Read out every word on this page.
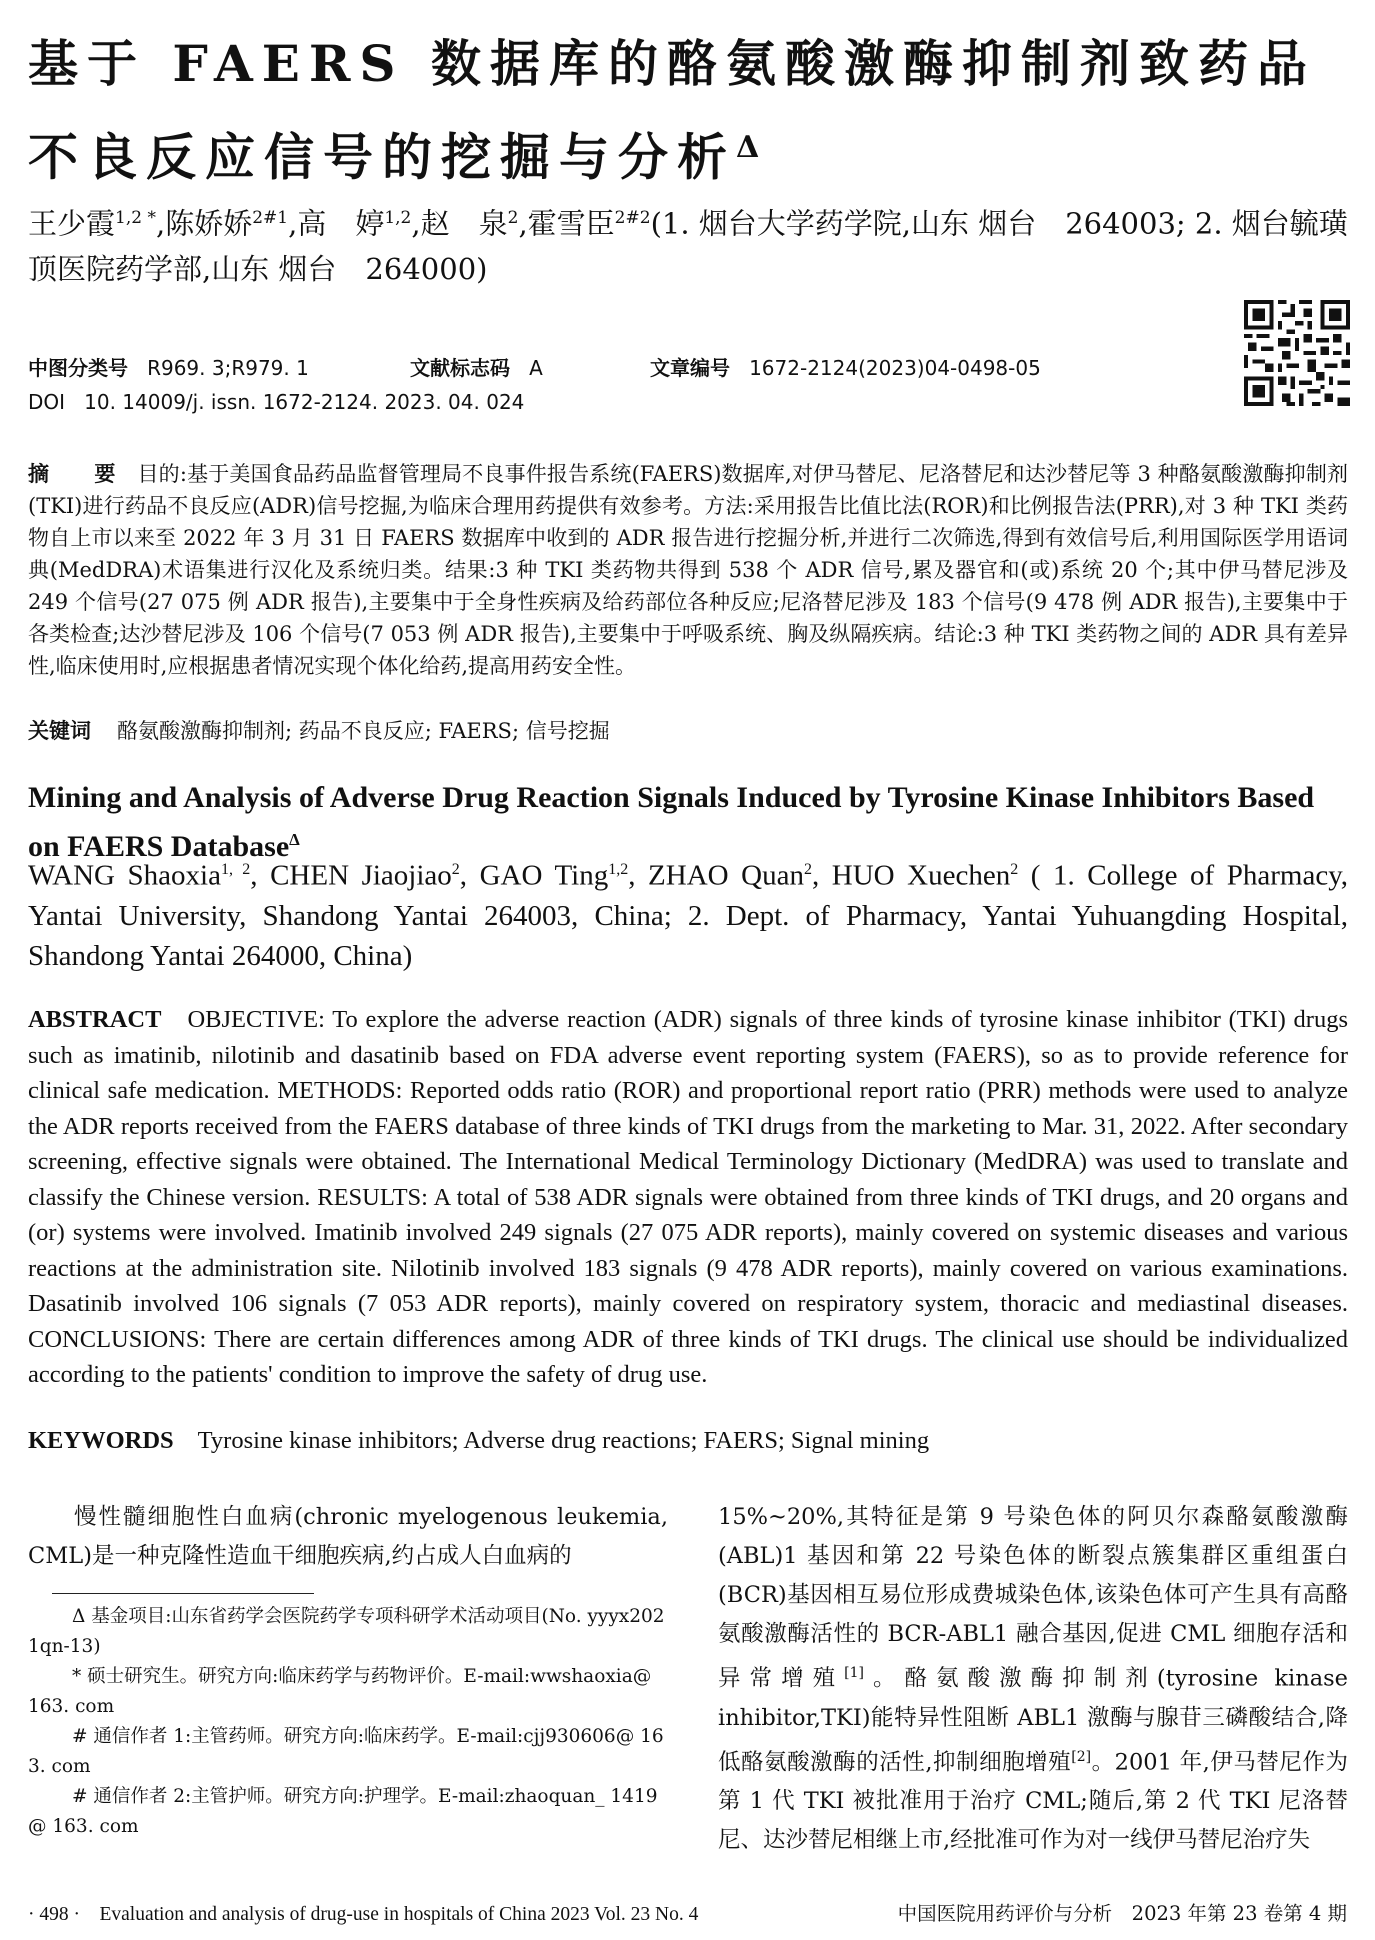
基于 FAERS 数据库的酪氨酸激酶抑制剂致药品
不良反应信号的挖掘与分析$^\Delta$
王少霞$^{1,2 *}$,陈娇娇$^{2\#1}$,高　婷$^{1,2}$,赵　泉$^2$,霍雪臣$^{2\#2}$(1. 烟台大学药学院,山东 烟台　264003; 2. 烟台毓璜顶医院药学部,山东 烟台　264000)
中图分类号 R969. 3;R979. 1	文献标志码 A	文章编号 1672-2124(2023)04-0498-05
DOI 10. 14009/j. issn. 1672-2124. 2023. 04. 024
摘　要 目的:基于美国食品药品监督管理局不良事件报告系统(FAERS)数据库,对伊马替尼、尼洛替尼和达沙替尼等 3 种酪氨酸激酶抑制剂(TKI)进行药品不良反应(ADR)信号挖掘,为临床合理用药提供有效参考。方法:采用报告比值比法(ROR)和比例报告法(PRR),对 3 种 TKI 类药物自上市以来至 2022 年 3 月 31 日 FAERS 数据库中收到的 ADR 报告进行挖掘分析,并进行二次筛选,得到有效信号后,利用国际医学用语词典(MedDRA)术语集进行汉化及系统归类。结果:3 种 TKI 类药物共得到 538 个 ADR 信号,累及器官和(或)系统 20 个;其中伊马替尼涉及 249 个信号(27 075 例 ADR 报告),主要集中于全身性疾病及给药部位各种反应;尼洛替尼涉及 183 个信号(9 478 例 ADR 报告),主要集中于各类检查;达沙替尼涉及 106 个信号(7 053 例 ADR 报告),主要集中于呼吸系统、胸及纵隔疾病。结论:3 种 TKI 类药物之间的 ADR 具有差异性,临床使用时,应根据患者情况实现个体化给药,提高用药安全性。
关键词 酪氨酸激酶抑制剂; 药品不良反应; FAERS; 信号挖掘
Mining and Analysis of Adverse Drug Reaction Signals Induced by Tyrosine Kinase Inhibitors Based on FAERS Database$^\Delta$
WANG Shaoxia$^{1, 2}$, CHEN Jiaojiao$^2$, GAO Ting$^{1,2}$, ZHAO Quan$^2$, HUO Xuechen$^2$ ( 1. College of Pharmacy, Yantai University, Shandong Yantai 264003, China; 2. Dept. of Pharmacy, Yantai Yuhuangding Hospital, Shandong Yantai 264000, China)
ABSTRACT OBJECTIVE: To explore the adverse reaction (ADR) signals of three kinds of tyrosine kinase inhibitor (TKI) drugs such as imatinib, nilotinib and dasatinib based on FDA adverse event reporting system (FAERS), so as to provide reference for clinical safe medication. METHODS: Reported odds ratio (ROR) and proportional report ratio (PRR) methods were used to analyze the ADR reports received from the FAERS database of three kinds of TKI drugs from the marketing to Mar. 31, 2022. After secondary screening, effective signals were obtained. The International Medical Terminology Dictionary (MedDRA) was used to translate and classify the Chinese version. RESULTS: A total of 538 ADR signals were obtained from three kinds of TKI drugs, and 20 organs and (or) systems were involved. Imatinib involved 249 signals (27 075 ADR reports), mainly covered on systemic diseases and various reactions at the administration site. Nilotinib involved 183 signals (9 478 ADR reports), mainly covered on various examinations. Dasatinib involved 106 signals (7 053 ADR reports), mainly covered on respiratory system, thoracic and mediastinal diseases. CONCLUSIONS: There are certain differences among ADR of three kinds of TKI drugs. The clinical use should be individualized according to the patients' condition to improve the safety of drug use.
KEYWORDS Tyrosine kinase inhibitors; Adverse drug reactions; FAERS; Signal mining

慢性髓细胞性白血病(chronic myelogenous leukemia, CML)是一种克隆性造血干细胞疾病,约占成人白血病的

Δ 基金项目:山东省药学会医院药学专项科研学术活动项目(No. yyyx2021qn-13)
* 硕士研究生。研究方向:临床药学与药物评价。E-mail:wwshaoxia@ 163. com
# 通信作者 1:主管药师。研究方向:临床药学。E-mail:cjj930606@ 163. com
# 通信作者 2:主管护师。研究方向:护理学。E-mail:zhaoquan_ 1419@ 163. com
15%~20%,其特征是第 9 号染色体的阿贝尔森酪氨酸激酶(ABL)1 基因和第 22 号染色体的断裂点簇集群区重组蛋白(BCR)基因相互易位形成费城染色体,该染色体可产生具有高酪氨酸激酶活性的 BCR-ABL1 融合基因,促进 CML 细胞存活和异常增殖[1]。酪氨酸激酶抑制剂(tyrosine kinase inhibitor,TKI)能特异性阻断 ABL1 激酶与腺苷三磷酸结合,降低酪氨酸激酶的活性,抑制细胞增殖[2]。2001 年,伊马替尼作为第 1 代 TKI 被批准用于治疗 CML;随后,第 2 代 TKI 尼洛替尼、达沙替尼相继上市,经批准可作为对一线伊马替尼治疗失
· 498 ·　Evaluation and analysis of drug-use in hospitals of China 2023 Vol. 23 No. 4	中国医院用药评价与分析　2023 年第 23 卷第 4 期
